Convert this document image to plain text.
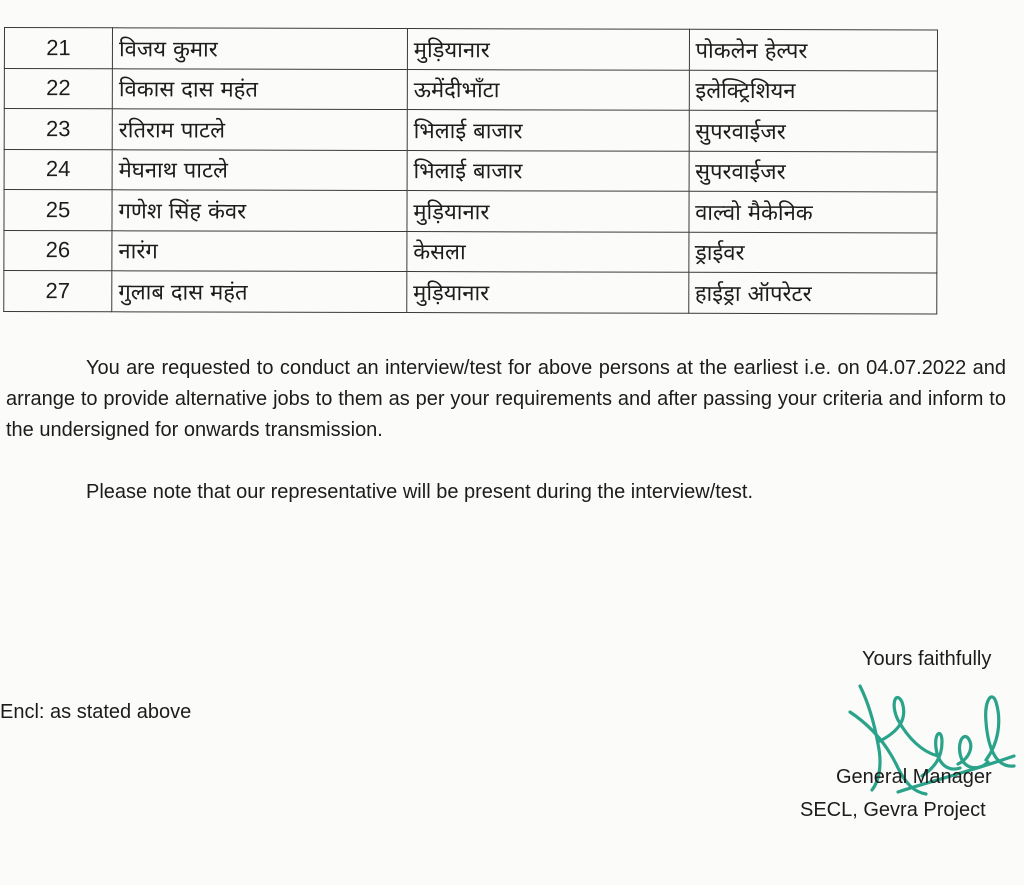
21	विजय कुमार	मुड़ियानार	पोकलेन हेल्पर
22	विकास दास महंत	ऊमेंदीभाँटा	इलेक्ट्रिशियन
23	रतिराम पाटले	भिलाई बाजार	सुपरवाईजर
24	मेघनाथ पाटले	भिलाई बाजार	सुपरवाईजर
25	गणेश सिंह कंवर	मुड़ियानार	वाल्वो मैकेनिक
26	नारंग	केसला	ड्राईवर
27	गुलाब दास महंत	मुड़ियानार	हाईड्रा ऑपरेटर

You are requested to conduct an interview/test for above persons at the earliest i.e. on 04.07.2022 and arrange to provide alternative jobs to them as per your requirements and after passing your criteria and inform to the undersigned for onwards transmission.

Please note that our representative will be present during the interview/test.

Yours faithfully

Encl: as stated above

General Manager

SECL, Gevra Project
